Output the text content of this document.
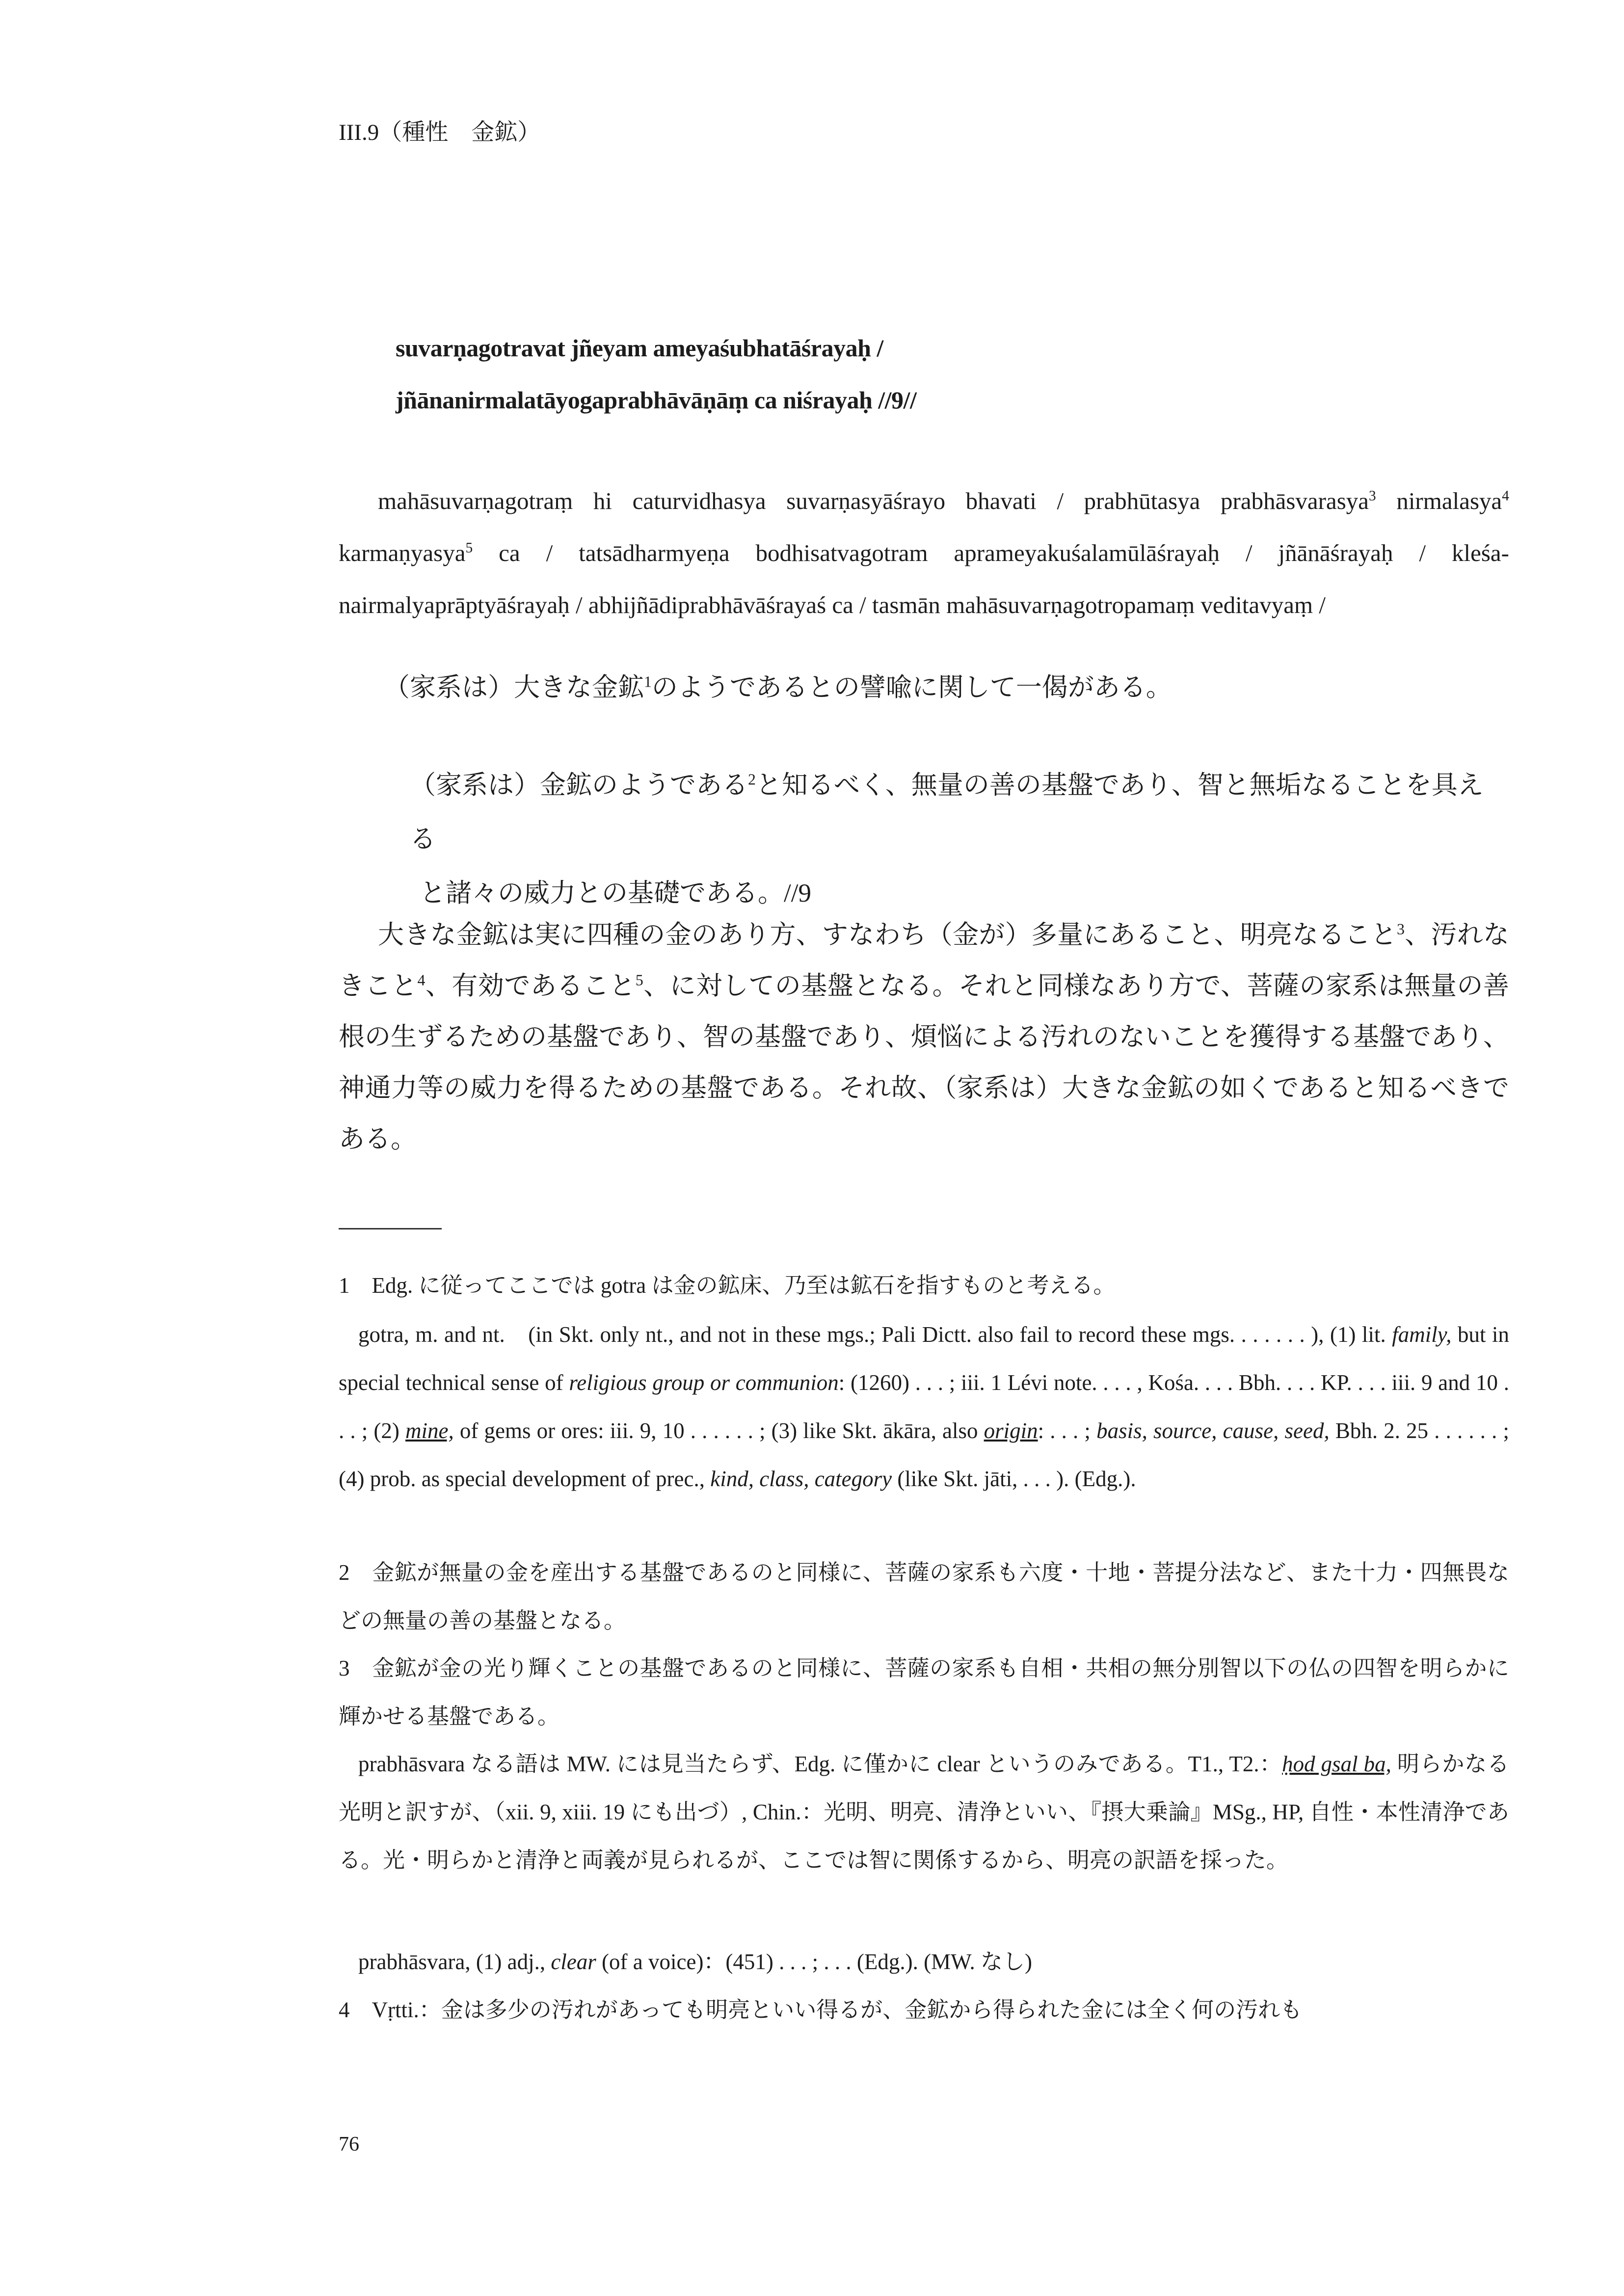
III.9（種性　金鉱）
suvarṇagotravat jñeyam ameyaśubhatāśrayaḥ /
jñānanirmalatāyogaprabhāvāṇāṃ ca niśrayaḥ //9//
mahāsuvarṇagotraṃ hi caturvidhasya suvarṇasyāśrayo bhavati / prabhūtasya prabhāsvarasya$^3$ nirmalasya$^4$ karmaṇyasya$^5$ ca / tatsādharmyeṇa bodhisatvagotram aprameyakuśalamūlāśrayaḥ / jñānāśrayaḥ / kleśa-nairmalyaprāptyāśrayaḥ / abhijñādiprabhāvāśrayaś ca / tasmān mahāsuvarṇagotropamaṃ veditavyaṃ /
（家系は）大きな金鉱$^1$のようであるとの譬喩に関して一偈がある。
（家系は）金鉱のようである$^2$と知るべく、無量の善の基盤であり、智と無垢なることを具える
と諸々の威力との基礎である。//9
大きな金鉱は実に四種の金のあり方、すなわち（金が）多量にあること、明亮なること$^3$、汚れなきこと$^4$、有効であること$^5$、に対しての基盤となる。それと同様なあり方で、菩薩の家系は無量の善根の生ずるための基盤であり、智の基盤であり、煩悩による汚れのないことを獲得する基盤であり、神通力等の威力を得るための基盤である。それ故、（家系は）大きな金鉱の如くであると知るべきである。
1　Edg. に従ってここでは gotra は金の鉱床、乃至は鉱石を指すものと考える。
gotra, m. and nt.　(in Skt. only nt., and not in these mgs.; Pali Dictt. also fail to record these mgs. . . . . . . ), (1) lit. family, but in special technical sense of religious group or communion: (1260) . . . ; iii. 1 Lévi note. . . . , Kośa. . . . Bbh. . . . KP. . . . iii. 9 and 10 . . . ; (2) mine, of gems or ores: iii. 9, 10 . . . . . . ; (3) like Skt. ākāra, also origin: . . . ; basis, source, cause, seed, Bbh. 2. 25 . . . . . . ; (4) prob. as special development of prec., kind, class, category (like Skt. jāti, . . . ). (Edg.).
2　金鉱が無量の金を産出する基盤であるのと同様に、菩薩の家系も六度・十地・菩提分法など、また十力・四無畏などの無量の善の基盤となる。
3　金鉱が金の光り輝くことの基盤であるのと同様に、菩薩の家系も自相・共相の無分別智以下の仏の四智を明らかに輝かせる基盤である。
prabhāsvara なる語は MW. には見当たらず、Edg. に僅かに clear というのみである。T1., T2.：ḥod gsal ba, 明らかなる光明と訳すが、（xii. 9, xiii. 19 にも出づ）, Chin.：光明、明亮、清浄といい、『摂大乗論』MSg., HP, 自性・本性清浄である。光・明らかと清浄と両義が見られるが、ここでは智に関係するから、明亮の訳語を採った。
prabhāsvara, (1) adj., clear (of a voice)：(451) . . . ; . . . (Edg.). (MW. なし)
4　Vṛtti.：金は多少の汚れがあっても明亮といい得るが、金鉱から得られた金には全く何の汚れも
76
